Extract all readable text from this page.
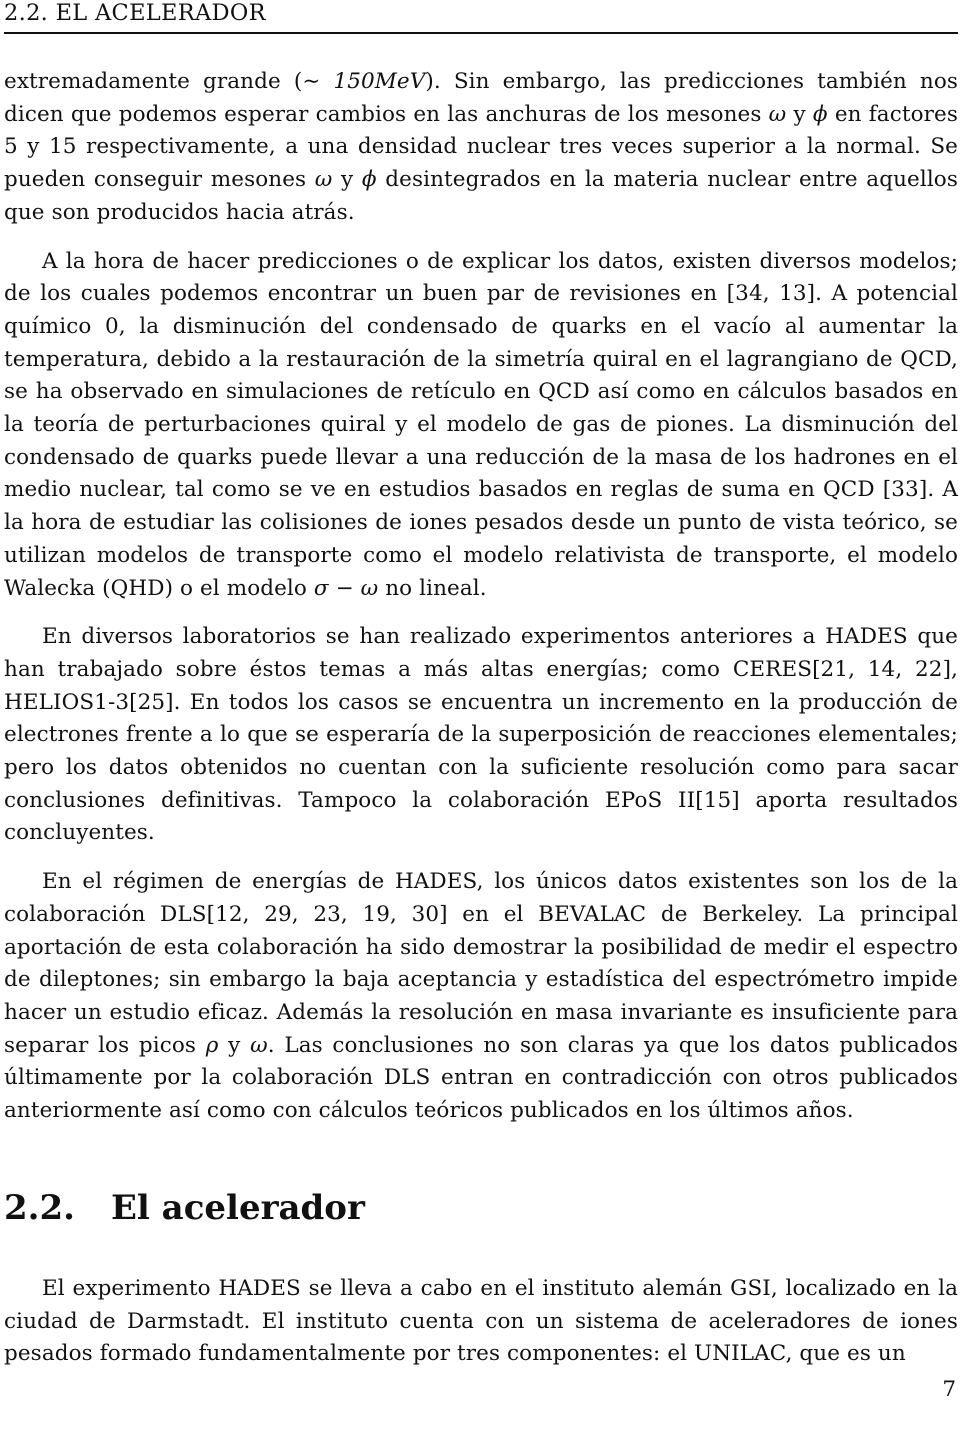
2.2. EL ACELERADOR

extremadamente grande (∼ 150MeV). Sin embargo, las predicciones también nos dicen que podemos esperar cambios en las anchuras de los mesones ω y ϕ en factores 5 y 15 respectivamente, a una densidad nuclear tres veces superior a la normal. Se pueden conseguir mesones ω y ϕ desintegrados en la materia nuclear entre aquellos que son producidos hacia atrás.

A la hora de hacer predicciones o de explicar los datos, existen diversos modelos; de los cuales podemos encontrar un buen par de revisiones en [34, 13]. A potencial químico 0, la disminución del condensado de quarks en el vacío al aumentar la temperatura, debido a la restauración de la simetría quiral en el lagrangiano de QCD, se ha observado en simulaciones de retículo en QCD así como en cálculos basados en la teoría de perturbaciones quiral y el modelo de gas de piones. La disminución del condensado de quarks puede llevar a una reducción de la masa de los hadrones en el medio nuclear, tal como se ve en estudios basados en reglas de suma en QCD [33]. A la hora de estudiar las colisiones de iones pesados desde un punto de vista teórico, se utilizan modelos de transporte como el modelo relativista de transporte, el modelo Walecka (QHD) o el modelo σ − ω no lineal.

En diversos laboratorios se han realizado experimentos anteriores a HADES que han trabajado sobre éstos temas a más altas energías; como CERES[21, 14, 22], HELIOS1-3[25]. En todos los casos se encuentra un incremento en la producción de electrones frente a lo que se esperaría de la superposición de reacciones elementales; pero los datos obtenidos no cuentan con la suficiente resolución como para sacar conclusiones definitivas. Tampoco la colaboración EPoS II[15] aporta resultados concluyentes.

En el régimen de energías de HADES, los únicos datos existentes son los de la colaboración DLS[12, 29, 23, 19, 30] en el BEVALAC de Berkeley. La principal aportación de esta colaboración ha sido demostrar la posibilidad de medir el espectro de dileptones; sin embargo la baja aceptancia y estadística del espectrómetro impide hacer un estudio eficaz. Además la resolución en masa invariante es insuficiente para separar los picos ρ y ω. Las conclusiones no son claras ya que los datos publicados últimamente por la colaboración DLS entran en contradicción con otros publicados anteriormente así como con cálculos teóricos publicados en los últimos años.

2.2. El acelerador

El experimento HADES se lleva a cabo en el instituto alemán GSI, localizado en la ciudad de Darmstadt. El instituto cuenta con un sistema de aceleradores de iones pesados formado fundamentalmente por tres componentes: el UNILAC, que es un

7
